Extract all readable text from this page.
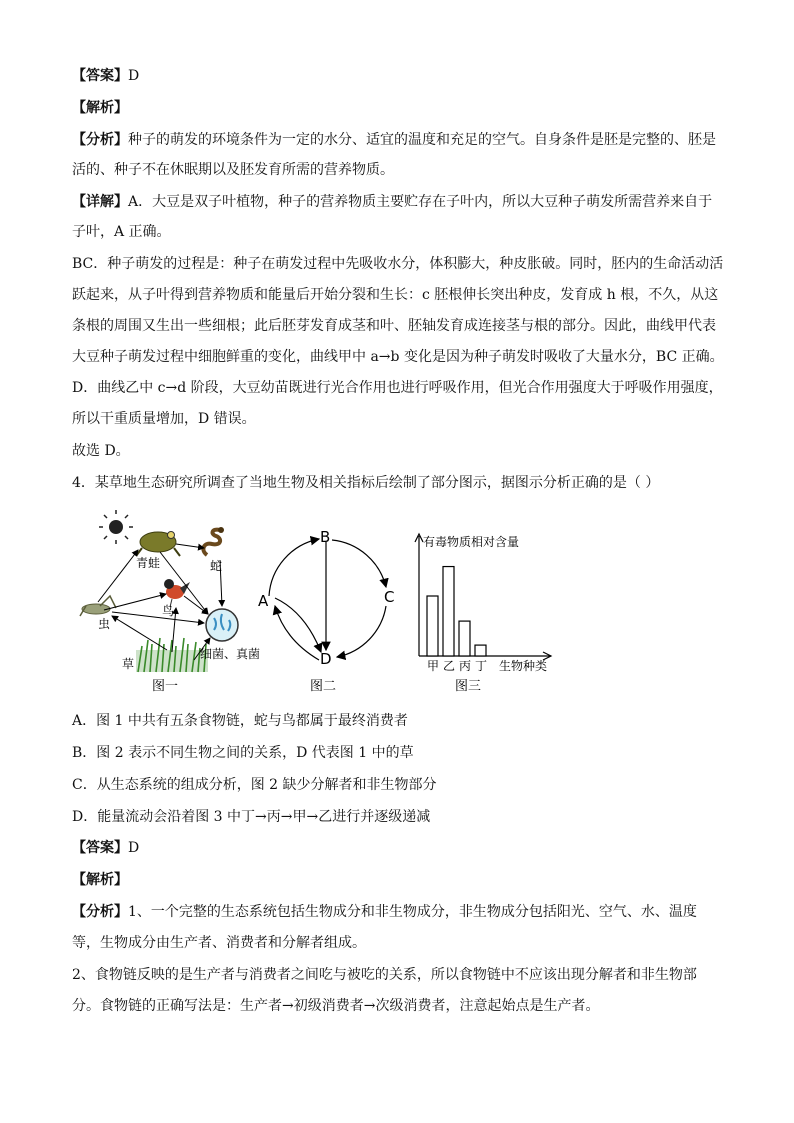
【答案】D
【解析】
【分析】种子的萌发的环境条件为一定的水分、适宜的温度和充足的空气。自身条件是胚是完整的、胚是
活的、种子不在休眠期以及胚发育所需的营养物质。
【详解】A．大豆是双子叶植物，种子的营养物质主要贮存在子叶内，所以大豆种子萌发所需营养来自于
子叶，A 正确。
BC．种子萌发的过程是：种子在萌发过程中先吸收水分，体积膨大，种皮胀破。同时，胚内的生命活动活
跃起来，从子叶得到营养物质和能量后开始分裂和生长：c 胚根伸长突出种皮，发育成 h 根，不久，从这
条根的周围又生出一些细根；此后胚芽发育成茎和叶、胚轴发育成连接茎与根的部分。因此，曲线甲代表
大豆种子萌发过程中细胞鲜重的变化，曲线甲中 a→b 变化是因为种子萌发时吸收了大量水分，BC 正确。
D．曲线乙中 c→d 阶段，大豆幼苗既进行光合作用也进行呼吸作用，但光合作用强度大于呼吸作用强度，
所以干重质量增加，D 错误。
故选 D。
4．某草地生态研究所调查了当地生物及相关指标后绘制了部分图示，据图示分析正确的是（ ）
青蛙	蛇
鸟
虫
草
细菌、真菌
图一
B
C
A
D
图二
有毒物质相对含量
甲 乙 丙 丁 生物种类
图三
A．图 1 中共有五条食物链，蛇与鸟都属于最终消费者
B．图 2 表示不同生物之间的关系，D 代表图 1 中的草
C．从生态系统的组成分析，图 2 缺少分解者和非生物部分
D．能量流动会沿着图 3 中丁→丙→甲→乙进行并逐级递减
【答案】D
【解析】
【分析】1、一个完整的生态系统包括生物成分和非生物成分，非生物成分包括阳光、空气、水、温度
等，生物成分由生产者、消费者和分解者组成。
2、食物链反映的是生产者与消费者之间吃与被吃的关系，所以食物链中不应该出现分解者和非生物部
分。食物链的正确写法是：生产者→初级消费者→次级消费者，注意起始点是生产者。
